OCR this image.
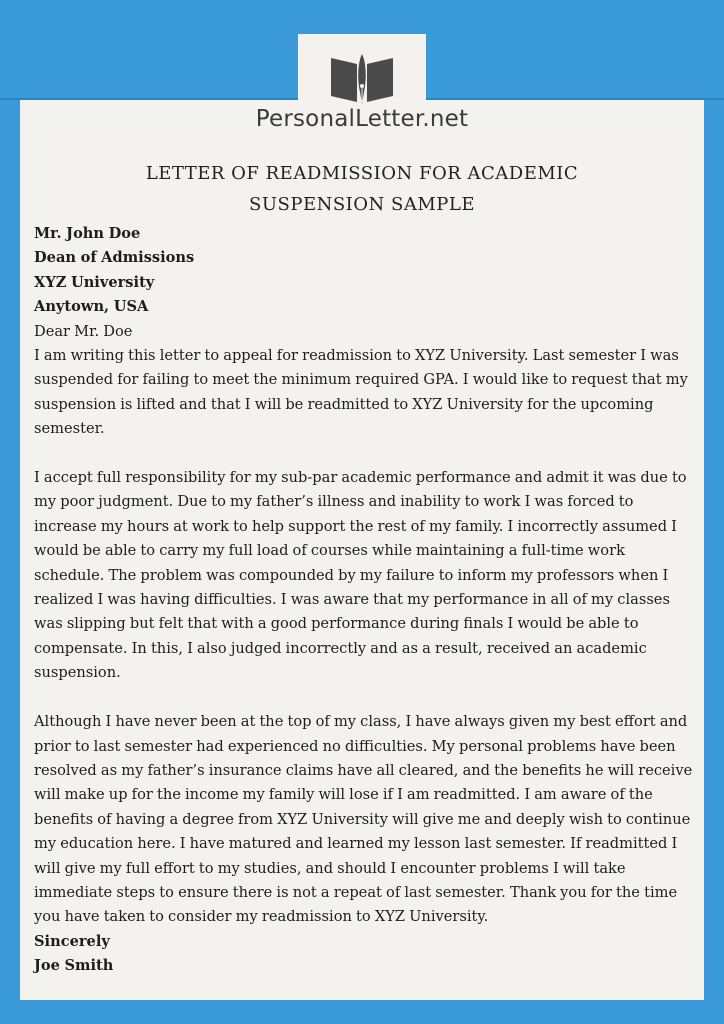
PersonalLetter.net
LETTER OF READMISSION FOR ACADEMIC
SUSPENSION SAMPLE

Mr. John Doe

Dean of Admissions

XYZ University

Anytown, USA

Dear Mr. Doe

I am writing this letter to appeal for readmission to XYZ University. Last semester I was suspended for failing to meet the minimum required GPA. I would like to request that my suspension is lifted and that I will be readmitted to XYZ University for the upcoming semester.

I accept full responsibility for my sub-par academic performance and admit it was due to my poor judgment. Due to my father’s illness and inability to work I was forced to increase my hours at work to help support the rest of my family. I incorrectly assumed I would be able to carry my full load of courses while maintaining a full-time work schedule. The problem was compounded by my failure to inform my professors when I realized I was having difficulties. I was aware that my performance in all of my classes was slipping but felt that with a good performance during finals I would be able to compensate. In this, I also judged incorrectly and as a result, received an academic suspension.

Although I have never been at the top of my class, I have always given my best effort and prior to last semester had experienced no difficulties. My personal problems have been resolved as my father’s insurance claims have all cleared, and the benefits he will receive will make up for the income my family will lose if I am readmitted. I am aware of the benefits of having a degree from XYZ University will give me and deeply wish to continue my education here. I have matured and learned my lesson last semester. If readmitted I will give my full effort to my studies, and should I encounter problems I will take immediate steps to ensure there is not a repeat of last semester. Thank you for the time you have taken to consider my readmission to XYZ University.

Sincerely

Joe Smith
